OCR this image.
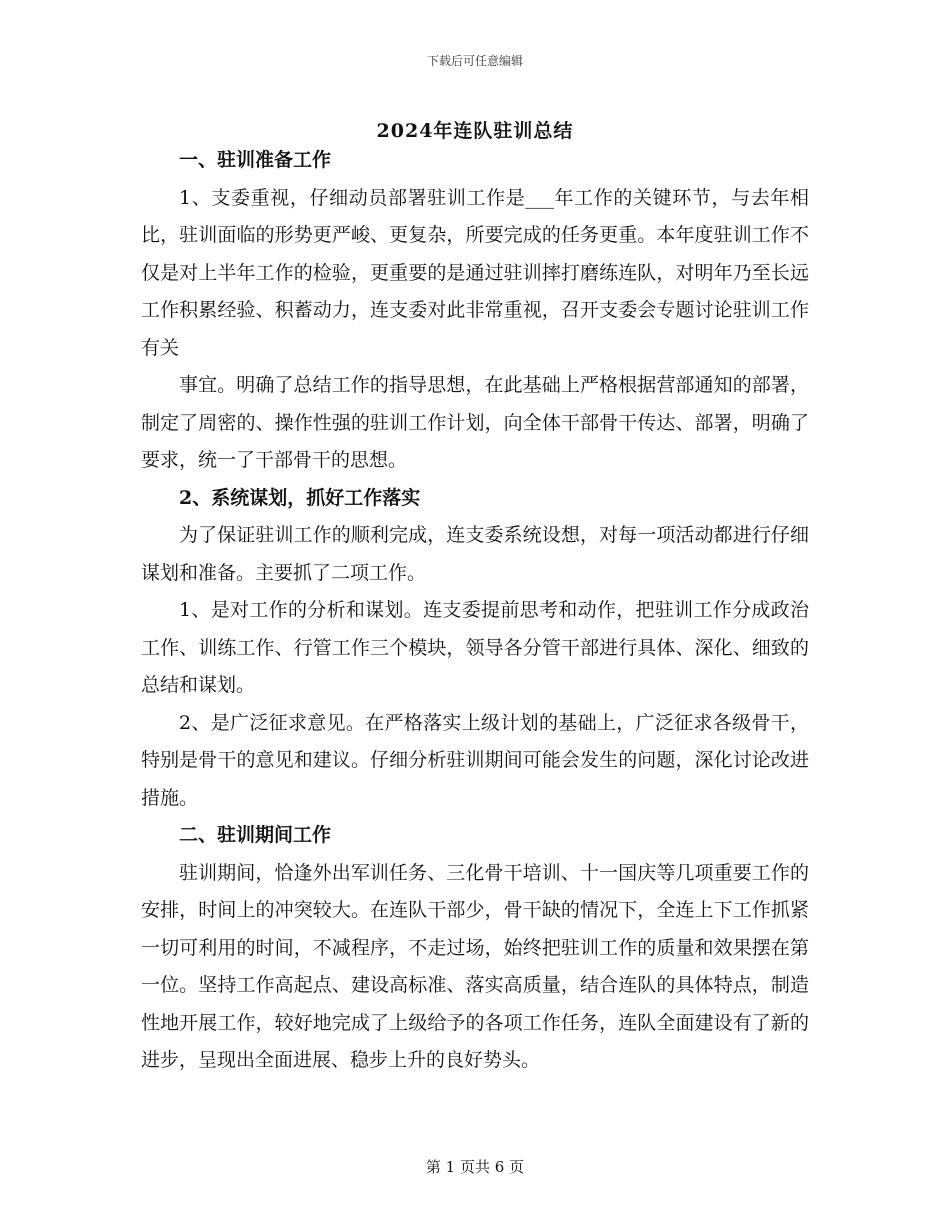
下载后可任意编辑
2024年连队驻训总结

一、驻训准备工作

1、支委重视，仔细动员部署驻训工作是___年工作的关键环节，与去年相比，驻训面临的形势更严峻、更复杂，所要完成的任务更重。本年度驻训工作不仅是对上半年工作的检验，更重要的是通过驻训摔打磨练连队，对明年乃至长远工作积累经验、积蓄动力，连支委对此非常重视，召开支委会专题讨论驻训工作有关

事宜。明确了总结工作的指导思想，在此基础上严格根据营部通知的部署，制定了周密的、操作性强的驻训工作计划，向全体干部骨干传达、部署，明确了要求，统一了干部骨干的思想。

2、系统谋划，抓好工作落实

为了保证驻训工作的顺利完成，连支委系统设想，对每一项活动都进行仔细谋划和准备。主要抓了二项工作。

1、是对工作的分析和谋划。连支委提前思考和动作，把驻训工作分成政治工作、训练工作、行管工作三个模块，领导各分管干部进行具体、深化、细致的总结和谋划。

2、是广泛征求意见。在严格落实上级计划的基础上，广泛征求各级骨干，特别是骨干的意见和建议。仔细分析驻训期间可能会发生的问题，深化讨论改进措施。

二、驻训期间工作

驻训期间，恰逢外出军训任务、三化骨干培训、十一国庆等几项重要工作的安排，时间上的冲突较大。在连队干部少，骨干缺的情况下，全连上下工作抓紧一切可利用的时间，不减程序，不走过场，始终把驻训工作的质量和效果摆在第一位。坚持工作高起点、建设高标准、落实高质量，结合连队的具体特点，制造性地开展工作，较好地完成了上级给予的各项工作任务，连队全面建设有了新的进步，呈现出全面进展、稳步上升的良好势头。

第 1 页共 6 页
